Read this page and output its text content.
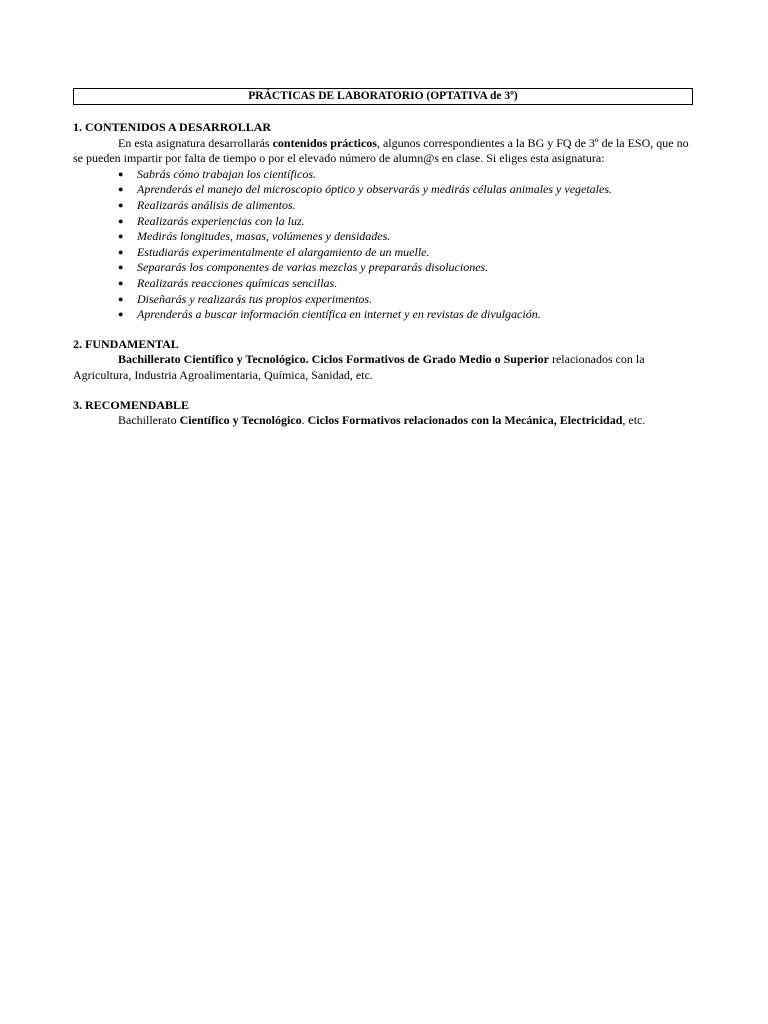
PRÁCTICAS DE LABORATORIO (OPTATIVA de 3º)

1. CONTENIDOS A DESARROLLAR

En esta asignatura desarrollarás contenidos prácticos, algunos correspondientes a la BG y FQ de 3º de la ESO, que no se pueden impartir por falta de tiempo o por el elevado número de alumn@s en clase. Si eliges esta asignatura:

● Sabrás cómo trabajan los científicos.
● Aprenderás el manejo del microscopio óptico y observarás y medirás células animales y vegetales.
● Realizarás análisis de alimentos.
● Realizarás experiencias con la luz.
● Medirás longitudes, masas, volúmenes y densidades.
● Estudiarás experimentalmente el alargamiento de un muelle.
● Separarás los componentes de varias mezclas y prepararás disoluciones.
● Realizarás reacciones químicas sencillas.
● Diseñarás y realizarás tus propios experimentos.
● Aprenderás a buscar información científica en internet y en revistas de divulgación.

2. FUNDAMENTAL

Bachillerato Científico y Tecnológico. Ciclos Formativos de Grado Medio o Superior relacionados con la Agricultura, Industria Agroalimentaria, Química, Sanidad, etc.

3. RECOMENDABLE

Bachillerato Científico y Tecnológico. Ciclos Formativos relacionados con la Mecánica, Electricidad, etc.
